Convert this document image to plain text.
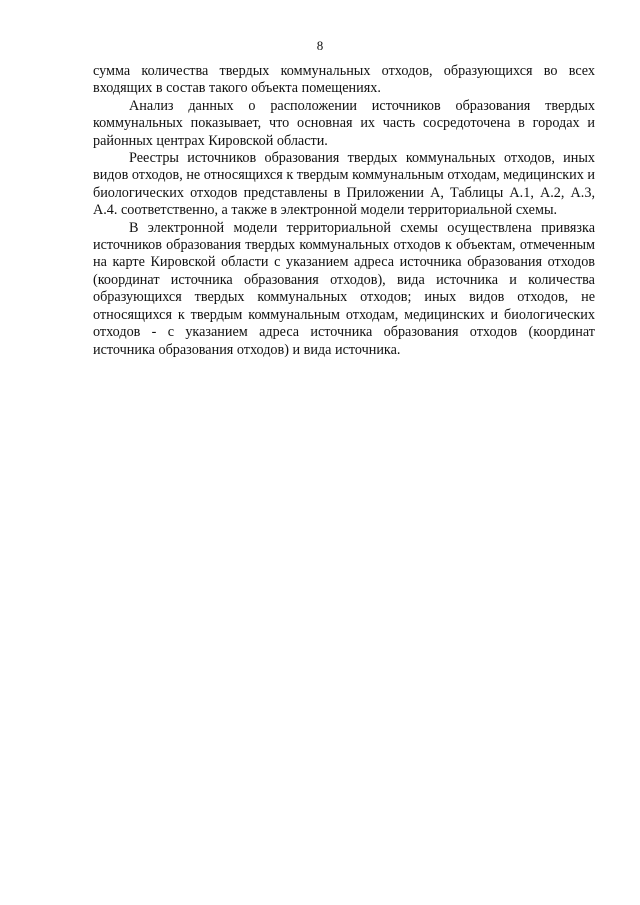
8

сумма количества твердых коммунальных отходов, образующихся во всех входящих в состав такого объекта помещениях.

Анализ данных о расположении источников образования твердых коммунальных показывает, что основная их часть сосредоточена в городах и районных центрах Кировской области.

Реестры источников образования твердых коммунальных отходов, иных видов отходов, не относящихся к твердым коммунальным отходам, медицинских и биологических отходов представлены в Приложении А, Таблицы А.1, А.2, А.3, А.4. соответственно, а также в электронной модели территориальной схемы.

В электронной модели территориальной схемы осуществлена привязка источников образования твердых коммунальных отходов к объектам, отмеченным на карте Кировской области с указанием адреса источника образования отходов (координат источника образования отходов), вида источника и количества образующихся твердых коммунальных отходов; иных видов отходов, не относящихся к твердым коммунальным отходам, медицинских и биологических отходов - с указанием адреса источника образования отходов (координат источника образования отходов) и вида источника.
